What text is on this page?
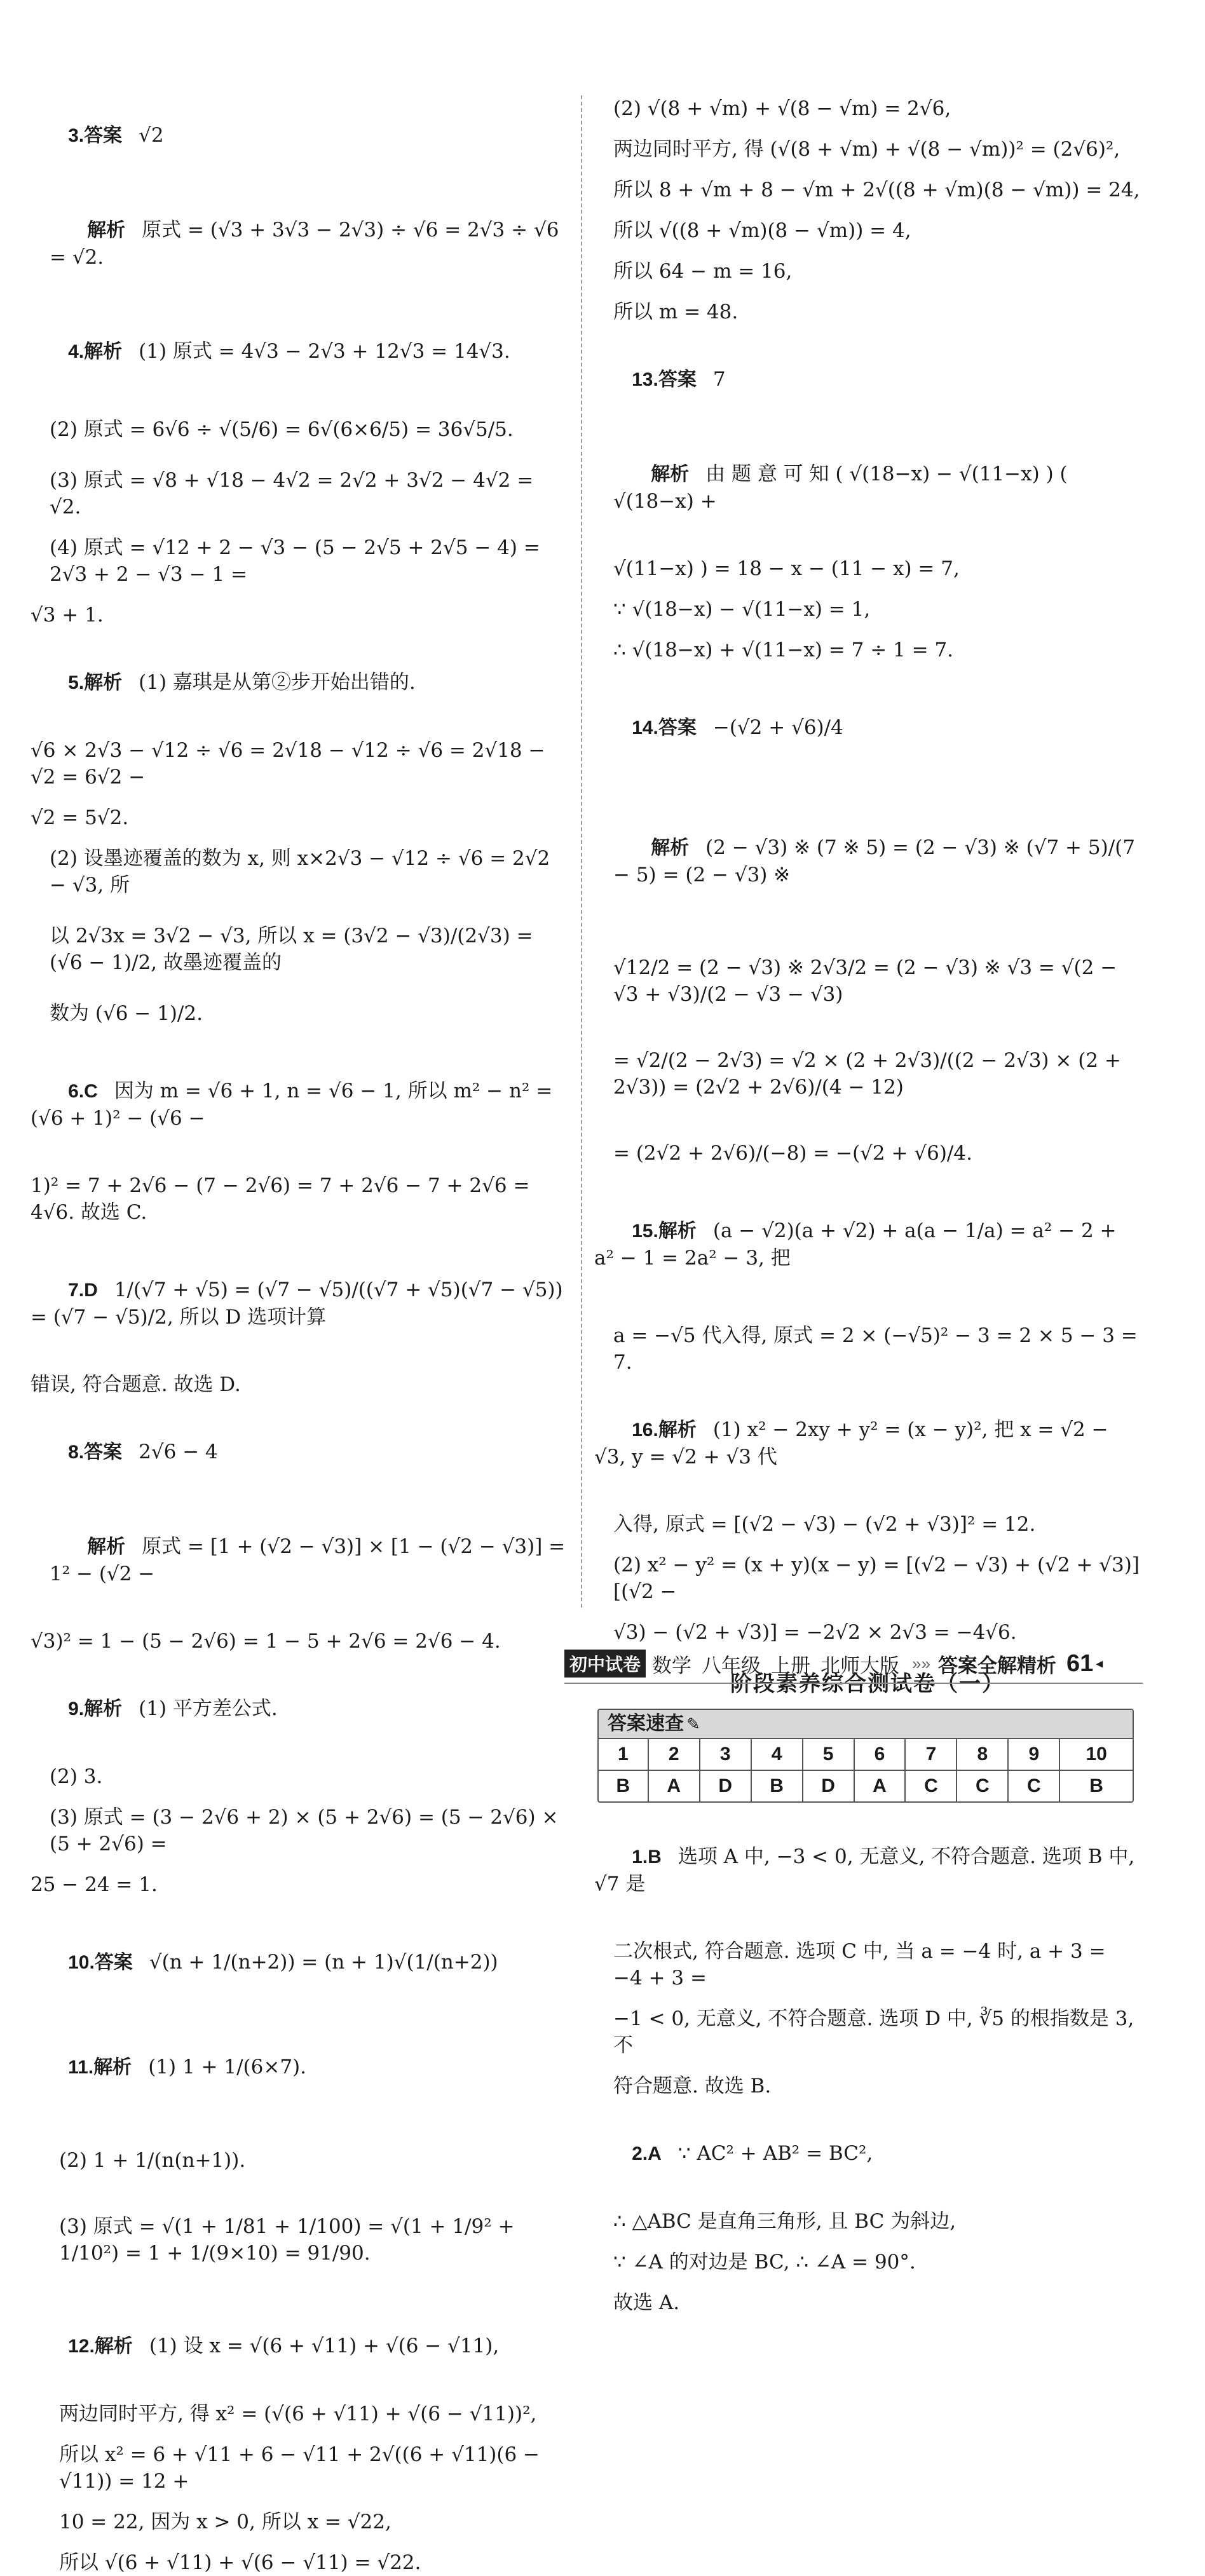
3.答案 √2

解析 原式 = (√3 + 3√3 − 2√3) ÷ √6 = 2√3 ÷ √6 = √2.

4.解析 (1) 原式 = 4√3 − 2√3 + 12√3 = 14√3.

(2) 原式 = 6√6 ÷ √(5/6) = 6√(6×6/5) = 36√5/5.

(3) 原式 = √8 + √18 − 4√2 = 2√2 + 3√2 − 4√2 = √2.

(4) 原式 = √12 + 2 − √3 − (5 − 2√5 + 2√5 − 4) = 2√3 + 2 − √3 − 1 =

√3 + 1.

5.解析 (1) 嘉琪是从第②步开始出错的.

√6 × 2√3 − √12 ÷ √6 = 2√18 − √12 ÷ √6 = 2√18 − √2 = 6√2 −

√2 = 5√2.

(2) 设墨迹覆盖的数为 x, 则 x×2√3 − √12 ÷ √6 = 2√2 − √3, 所

以 2√3x = 3√2 − √3, 所以 x = (3√2 − √3)/(2√3) = (√6 − 1)/2, 故墨迹覆盖的

数为 (√6 − 1)/2.

6.C 因为 m = √6 + 1, n = √6 − 1, 所以 m² − n² = (√6 + 1)² − (√6 −

1)² = 7 + 2√6 − (7 − 2√6) = 7 + 2√6 − 7 + 2√6 = 4√6. 故选 C.

7.D 1/(√7 + √5) = (√7 − √5)/((√7 + √5)(√7 − √5)) = (√7 − √5)/2, 所以 D 选项计算

错误, 符合题意. 故选 D.

8.答案 2√6 − 4

解析 原式 = [1 + (√2 − √3)] × [1 − (√2 − √3)] = 1² − (√2 −

√3)² = 1 − (5 − 2√6) = 1 − 5 + 2√6 = 2√6 − 4.

9.解析 (1) 平方差公式.

(2) 3.

(3) 原式 = (3 − 2√6 + 2) × (5 + 2√6) = (5 − 2√6) × (5 + 2√6) =

25 − 24 = 1.

10.答案 √(n + 1/(n+2)) = (n + 1)√(1/(n+2))

11.解析 (1) 1 + 1/(6×7).

(2) 1 + 1/(n(n+1)).

(3) 原式 = √(1 + 1/81 + 1/100) = √(1 + 1/9² + 1/10²) = 1 + 1/(9×10) = 91/90.

12.解析 (1) 设 x = √(6 + √11) + √(6 − √11),

两边同时平方, 得 x² = (√(6 + √11) + √(6 − √11))²,

所以 x² = 6 + √11 + 6 − √11 + 2√((6 + √11)(6 − √11)) = 12 +

10 = 22, 因为 x > 0, 所以 x = √22,

所以 √(6 + √11) + √(6 − √11) = √22.

(2) √(8 + √m) + √(8 − √m) = 2√6,

两边同时平方, 得 (√(8 + √m) + √(8 − √m))² = (2√6)²,

所以 8 + √m + 8 − √m + 2√((8 + √m)(8 − √m)) = 24,

所以 √((8 + √m)(8 − √m)) = 4,

所以 64 − m = 16,

所以 m = 48.

13.答案 7

解析 由 题 意 可 知 ( √(18−x) − √(11−x) ) ( √(18−x) +

√(11−x) ) = 18 − x − (11 − x) = 7,

∵ √(18−x) − √(11−x) = 1,

∴ √(18−x) + √(11−x) = 7 ÷ 1 = 7.

14.答案 −(√2 + √6)/4

解析 (2 − √3) ※ (7 ※ 5) = (2 − √3) ※ (√7 + 5)/(7 − 5) = (2 − √3) ※

√12/2 = (2 − √3) ※ 2√3/2 = (2 − √3) ※ √3 = √(2 − √3 + √3)/(2 − √3 − √3)

= √2/(2 − 2√3) = √2 × (2 + 2√3)/((2 − 2√3) × (2 + 2√3)) = (2√2 + 2√6)/(4 − 12)

= (2√2 + 2√6)/(−8) = −(√2 + √6)/4.

15.解析 (a − √2)(a + √2) + a(a − 1/a) = a² − 2 + a² − 1 = 2a² − 3, 把

a = −√5 代入得, 原式 = 2 × (−√5)² − 3 = 2 × 5 − 3 = 7.

16.解析 (1) x² − 2xy + y² = (x − y)², 把 x = √2 − √3, y = √2 + √3 代

入得, 原式 = [(√2 − √3) − (√2 + √3)]² = 12.

(2) x² − y² = (x + y)(x − y) = [(√2 − √3) + (√2 + √3)][(√2 −

√3) − (√2 + √3)] = −2√2 × 2√3 = −4√6.

阶段素养综合测试卷（一）
答案速查 ✎
1	2	3	4	5	6	7	8	9	10
B	A	D	B	D	A	C	C	C	B

1.B 选项 A 中, −3 < 0, 无意义, 不符合题意. 选项 B 中, √7 是

二次根式, 符合题意. 选项 C 中, 当 a = −4 时, a + 3 = −4 + 3 =

−1 < 0, 无意义, 不符合题意. 选项 D 中, ∛5 的根指数是 3, 不

符合题意. 故选 B.

2.A ∵ AC² + AB² = BC²,

∴ △ABC 是直角三角形, 且 BC 为斜边,

∵ ∠A 的对边是 BC, ∴ ∠A = 90°.

故选 A.

初中试卷 数学 八年级 上册 北师大版 »» 答案全解精析 61 ◂
